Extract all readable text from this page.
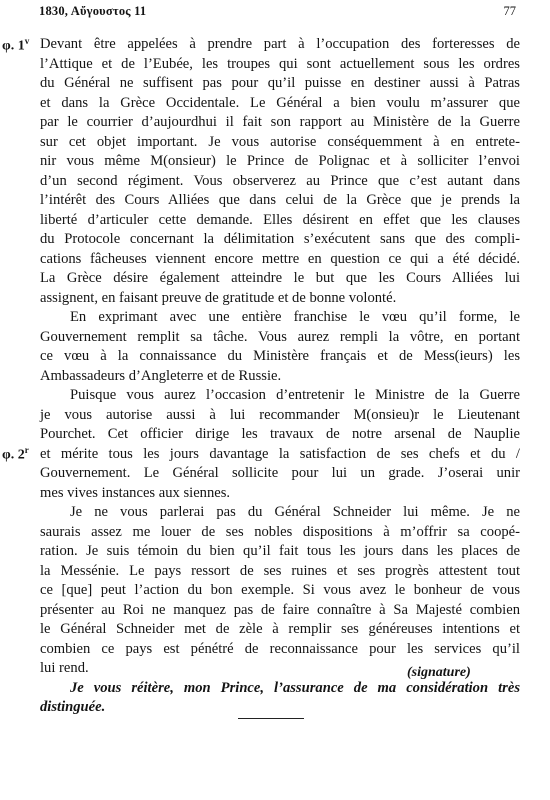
1830, Αὔγουστος 11	77
φ. 1$^v$
φ. 2$^r$
Devant être appelées à prendre part à l’occupation des forteresses de
l’Attique et de l’Eubée, les troupes qui sont actuellement sous les ordres
du Général ne suffisent pas pour qu’il puisse en destiner aussi à Patras
et dans la Grèce Occidentale. Le Général a bien voulu m’assurer que
par le courrier d’aujourdhui il fait son rapport au Ministère de la Guerre
sur cet objet important. Je vous autorise conséquemment à en entrete-
nir vous même M(onsieur) le Prince de Polignac et à solliciter l’envoi
d’un second régiment. Vous observerez au Prince que c’est autant dans
l’intérêt des Cours Alliées que dans celui de la Grèce que je prends la
liberté d’articuler cette demande. Elles désirent en effet que les clauses
du Protocole concernant la délimitation s’exécutent sans que des compli-
cations fâcheuses viennent encore mettre en question ce qui a été décidé.
La Grèce désire également atteindre le but que les Cours Alliées lui
assignent, en faisant preuve de gratitude et de bonne volonté.
En exprimant avec une entière franchise le vœu qu’il forme, le
Gouvernement remplit sa tâche. Vous aurez rempli la vôtre, en portant
ce vœu à la connaissance du Ministère français et de Mess(ieurs) les
Ambassadeurs d’Angleterre et de Russie.
Puisque vous aurez l’occasion d’entretenir le Ministre de la Guerre
je vous autorise aussi à lui recommander M(onsieu)r le Lieutenant
Pourchet. Cet officier dirige les travaux de notre arsenal de Nauplie
et mérite tous les jours davantage la satisfaction de ses chefs et du /
Gouvernement. Le Général sollicite pour lui un grade. J’oserai unir
mes vives instances aux siennes.
Je ne vous parlerai pas du Général Schneider lui même. Je ne
saurais assez me louer de ses nobles dispositions à m’offrir sa coopé-
ration. Je suis témoin du bien qu’il fait tous les jours dans les places de
la Messénie. Le pays ressort de ses ruines et ses progrès attestent tout
ce [que] peut l’action du bon exemple. Si vous avez le bonheur de vous
présenter au Roi ne manquez pas de faire connaître à Sa Majesté combien
le Général Schneider met de zèle à remplir ses généreuses intentions et
combien ce pays est pénétré de reconnaissance pour les services qu’il
lui rend.
Je vous réitère, mon Prince, l’assurance de ma considération très
distinguée.
(signature)
